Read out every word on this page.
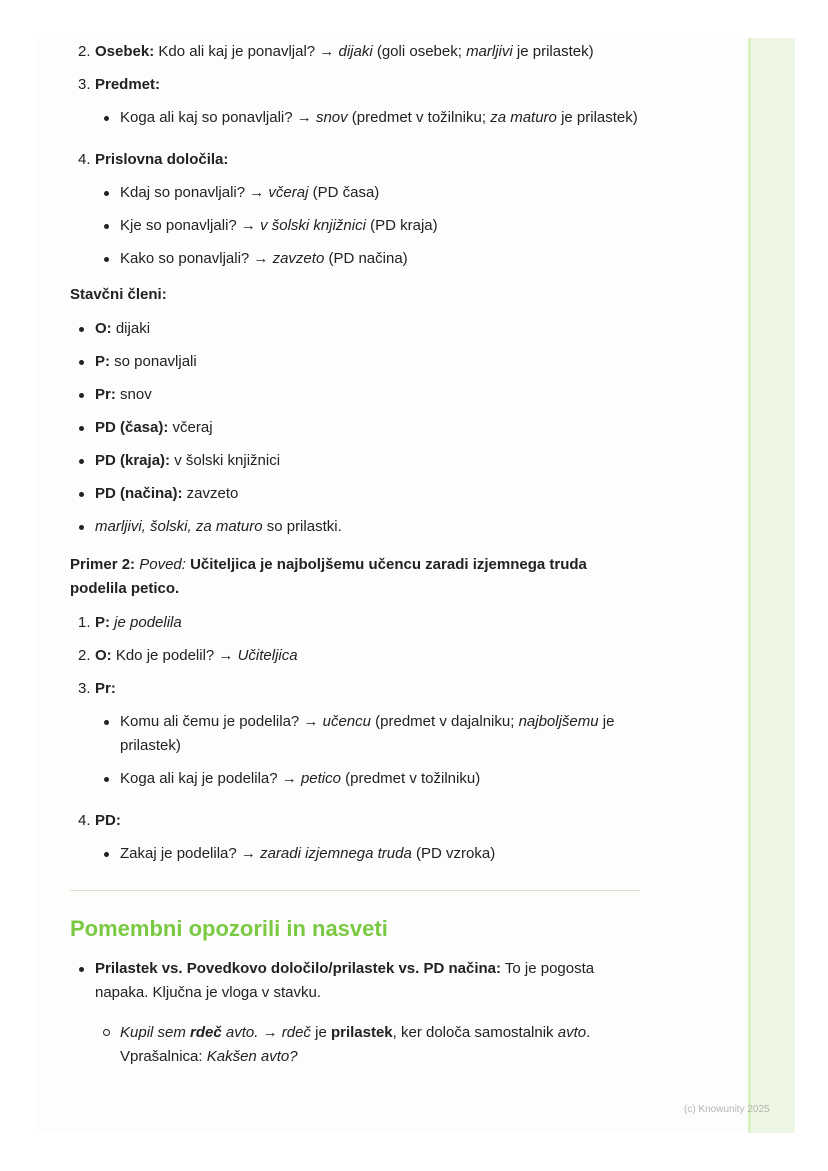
2. Osebek: Kdo ali kaj je ponavljal? → dijaki (goli osebek; marljivi je prilastek)
3. Predmet:
Koga ali kaj so ponavljali? → snov (predmet v tožilniku; za maturo je prilastek)
4. Prislovna določila:
Kdaj so ponavljali? → včeraj (PD časa)
Kje so ponavljali? → v šolski knjižnici (PD kraja)
Kako so ponavljali? → zavzeto (PD načina)
Stavčni členi:
O: dijaki
P: so ponavljali
Pr: snov
PD (časa): včeraj
PD (kraja): v šolski knjižnici
PD (načina): zavzeto
marljivi, šolski, za maturo so prilastki.
Primer 2: Poved: Učiteljica je najboljšemu učencu zaradi izjemnega truda podelila petico.
1. P: je podelila
2. O: Kdo je podelil? → Učiteljica
3. Pr:
Komu ali čemu je podelila? → učencu (predmet v dajalniku; najboljšemu je prilastek)
Koga ali kaj je podelila? → petico (predmet v tožilniku)
4. PD:
Zakaj je podelila? → zaradi izjemnega truda (PD vzroka)
Pomembni opozorili in nasveti
Prilastek vs. Povedkovo določilo/prilastek vs. PD načina: To je pogosta napaka. Ključna je vloga v stavku.
Kupil sem rdeč avto. → rdeč je prilastek, ker določa samostalnik avto. Vprašalnica: Kakšen avto?
(c) Knowunity 2025
